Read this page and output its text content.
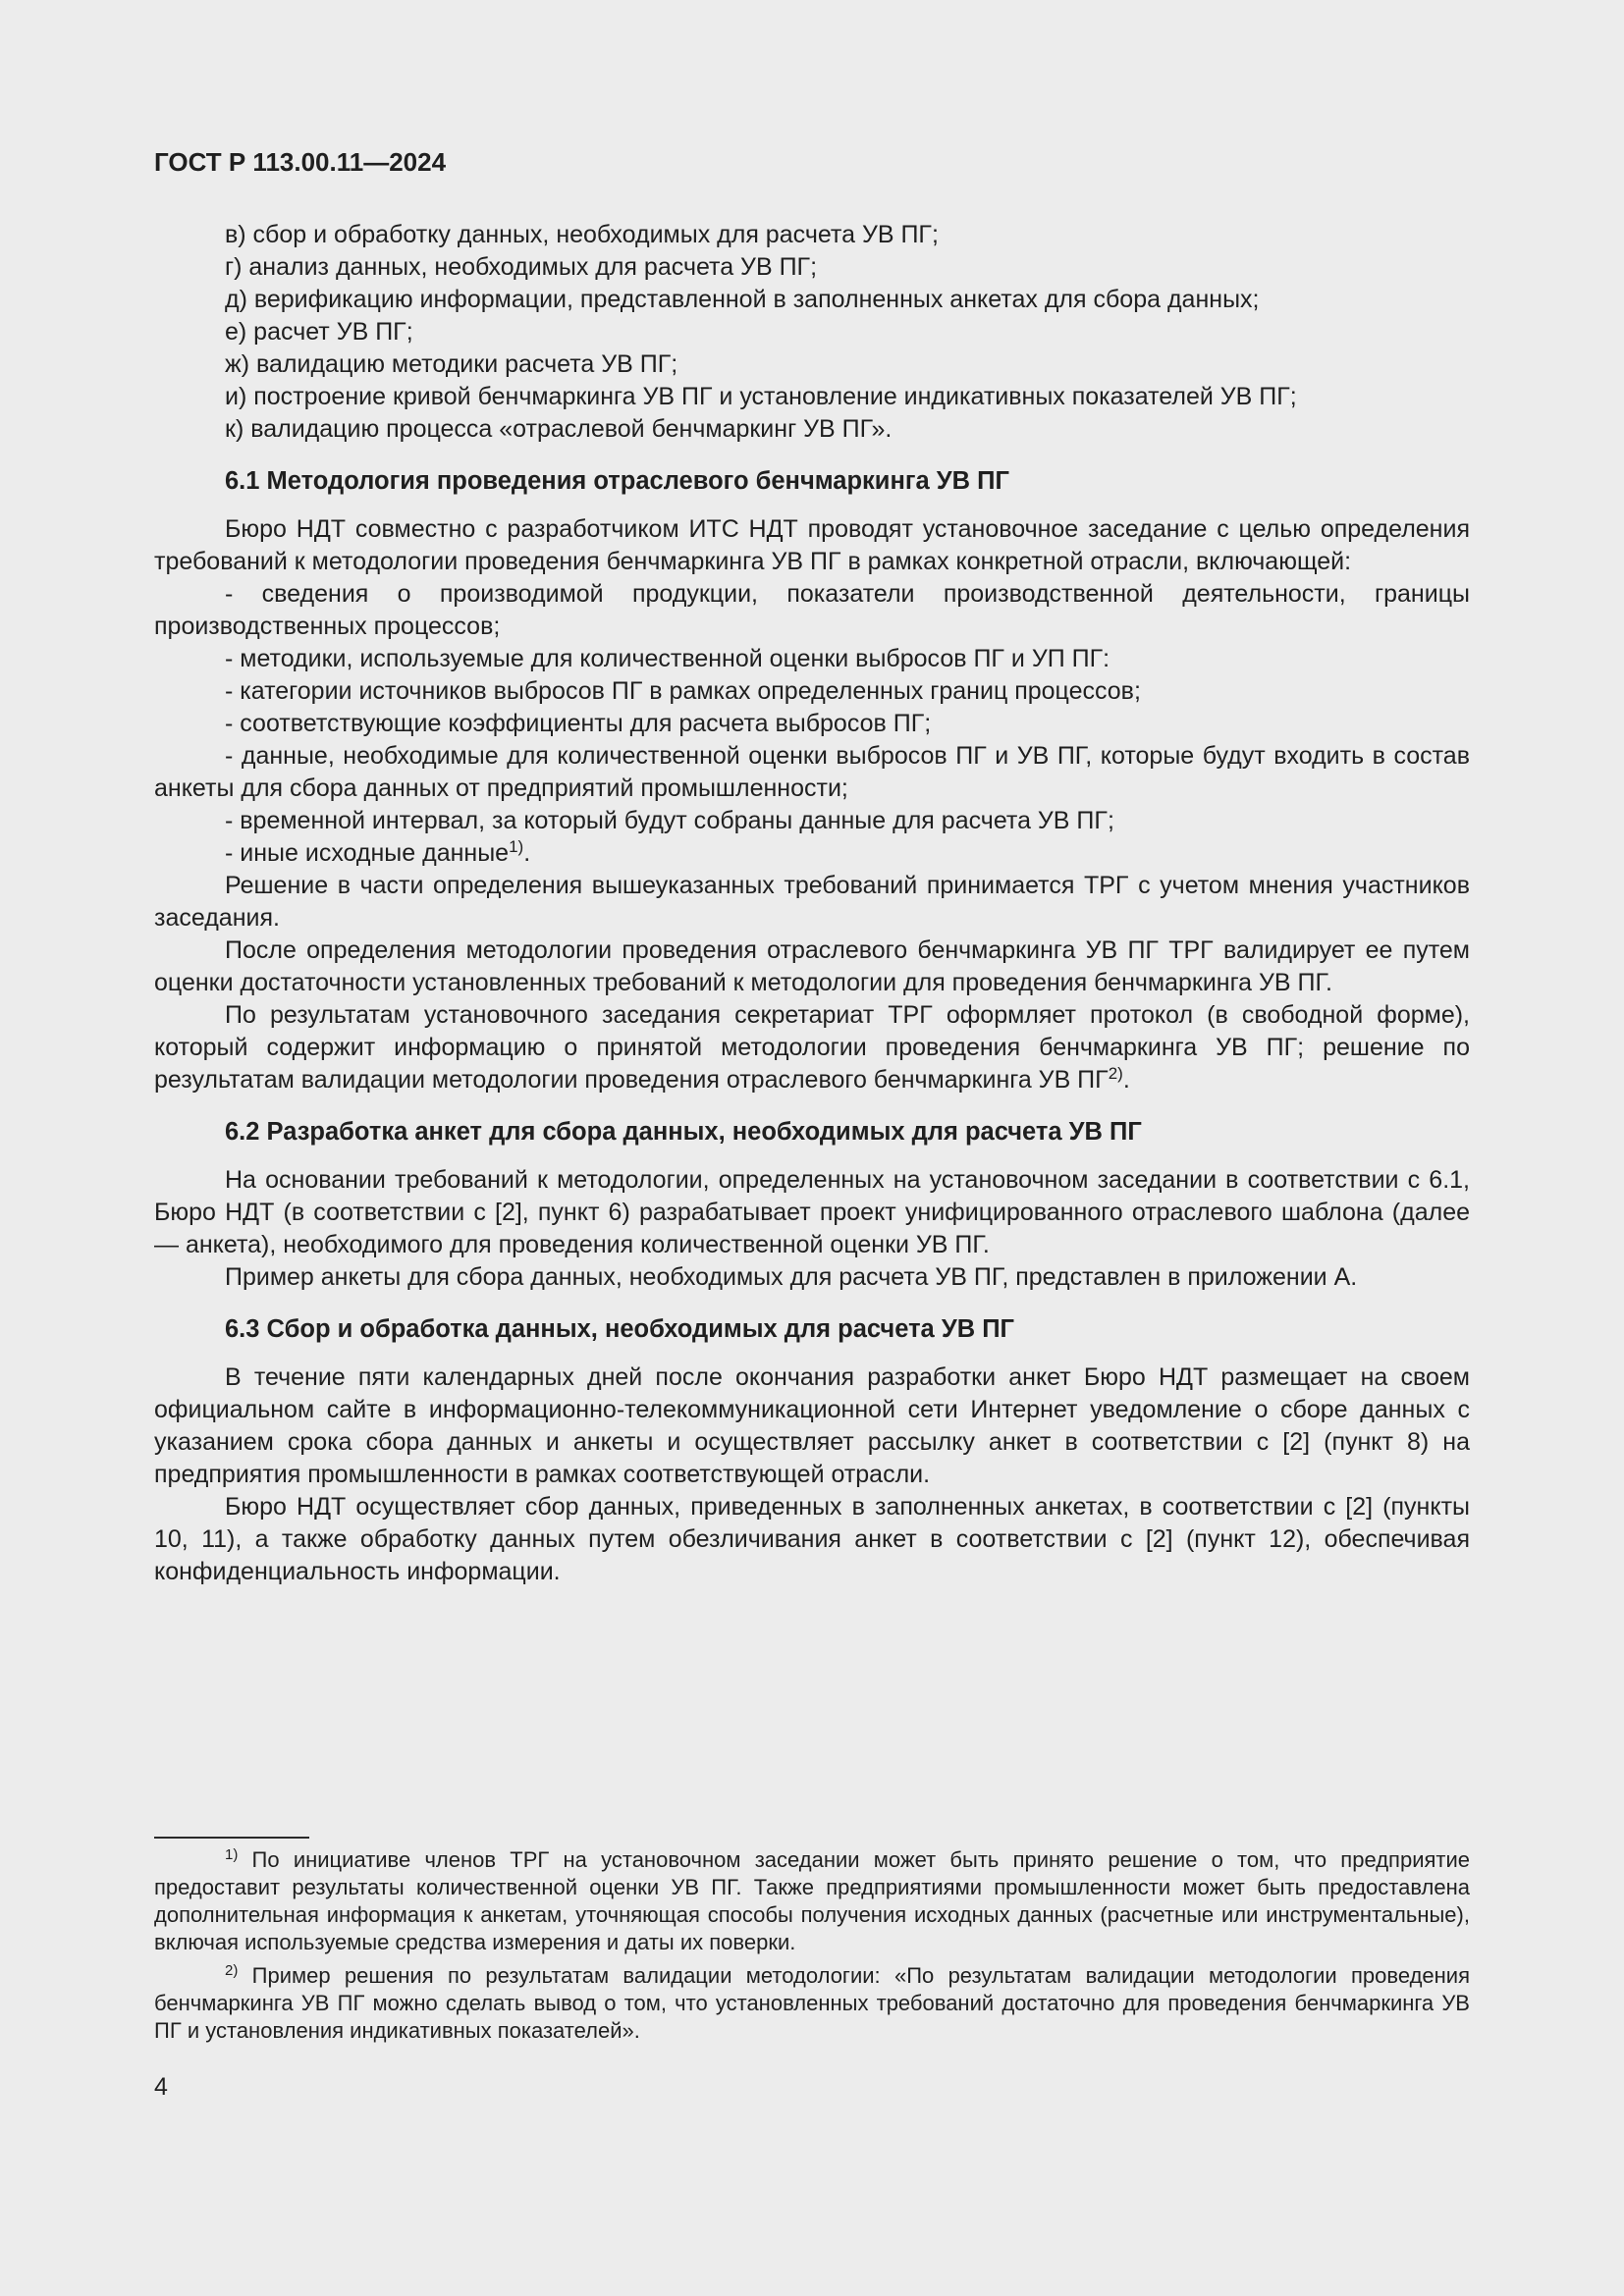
ГОСТ Р 113.00.11—2024

в) сбор и обработку данных, необходимых для расчета УВ ПГ;

г) анализ данных, необходимых для расчета УВ ПГ;

д) верификацию информации, представленной в заполненных анкетах для сбора данных;

е) расчет УВ ПГ;

ж) валидацию методики расчета УВ ПГ;

и) построение кривой бенчмаркинга УВ ПГ и установление индикативных показателей УВ ПГ;

к) валидацию процесса «отраслевой бенчмаркинг УВ ПГ».

6.1 Методология проведения отраслевого бенчмаркинга УВ ПГ

Бюро НДТ совместно с разработчиком ИТС НДТ проводят установочное заседание с целью определения требований к методологии проведения бенчмаркинга УВ ПГ в рамках конкретной отрасли, включающей:

- сведения о производимой продукции, показатели производственной деятельности, границы производственных процессов;

- методики, используемые для количественной оценки выбросов ПГ и УП ПГ:

- категории источников выбросов ПГ в рамках определенных границ процессов;

- соответствующие коэффициенты для расчета выбросов ПГ;

- данные, необходимые для количественной оценки выбросов ПГ и УВ ПГ, которые будут входить в состав анкеты для сбора данных от предприятий промышленности;

- временной интервал, за который будут собраны данные для расчета УВ ПГ;

- иные исходные данные$^{1)}$.

Решение в части определения вышеуказанных требований принимается ТРГ с учетом мнения участников заседания.

После определения методологии проведения отраслевого бенчмаркинга УВ ПГ ТРГ валидирует ее путем оценки достаточности установленных требований к методологии для проведения бенчмаркинга УВ ПГ.

По результатам установочного заседания секретариат ТРГ оформляет протокол (в свободной форме), который содержит информацию о принятой методологии проведения бенчмаркинга УВ ПГ; решение по результатам валидации методологии проведения отраслевого бенчмаркинга УВ ПГ$^{2)}$.

6.2 Разработка анкет для сбора данных, необходимых для расчета УВ ПГ

На основании требований к методологии, определенных на установочном заседании в соответствии с 6.1, Бюро НДТ (в соответствии с [2], пункт 6) разрабатывает проект унифицированного отраслевого шаблона (далее — анкета), необходимого для проведения количественной оценки УВ ПГ.

Пример анкеты для сбора данных, необходимых для расчета УВ ПГ, представлен в приложении А.

6.3 Сбор и обработка данных, необходимых для расчета УВ ПГ

В течение пяти календарных дней после окончания разработки анкет Бюро НДТ размещает на своем официальном сайте в информационно-телекоммуникационной сети Интернет уведомление о сборе данных с указанием срока сбора данных и анкеты и осуществляет рассылку анкет в соответствии с [2] (пункт 8) на предприятия промышленности в рамках соответствующей отрасли.

Бюро НДТ осуществляет сбор данных, приведенных в заполненных анкетах, в соответствии с [2] (пункты 10, 11), а также обработку данных путем обезличивания анкет в соответствии с [2] (пункт 12), обеспечивая конфиденциальность информации.

$^{1)}$ По инициативе членов ТРГ на установочном заседании может быть принято решение о том, что предприятие предоставит результаты количественной оценки УВ ПГ. Также предприятиями промышленности может быть предоставлена дополнительная информация к анкетам, уточняющая способы получения исходных данных (расчетные или инструментальные), включая используемые средства измерения и даты их поверки.

$^{2)}$ Пример решения по результатам валидации методологии: «По результатам валидации методологии проведения бенчмаркинга УВ ПГ можно сделать вывод о том, что установленных требований достаточно для проведения бенчмаркинга УВ ПГ и установления индикативных показателей».

4
